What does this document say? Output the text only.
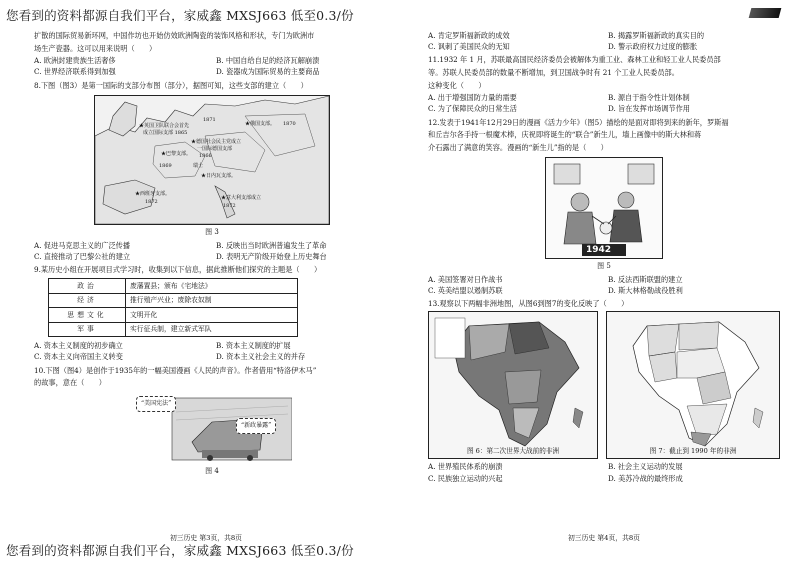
您看到的资料都源自我们平台，家威鑫 MXSJ663 低至0.3/份

扩散的国际贸易新环网，中国作坊也开始仿效欧洲陶瓷的装饰风格和形状，专门为欧洲市

场生产瓷器。这可以用来说明（　　）

A. 欧洲封建贵族生活奢侈	B. 中国自给自足的经济瓦解崩溃
C. 世界经济联系得到加强	D. 瓷器成为国际贸易的主要商品

8.下图（图3）是第一国际的支部分布图（部分），据图可知，这些支部的建立（　　）

★英国卫队联合会首先
成立国际支部 1865
1871
★俄国支部。 1870
★德国社会民主党成立
一国际德国支部
1866
★巴黎支部。
1869	瑞士
★日内瓦支部。
★西班牙支部。
1872
★意大利支部成立
1872
图 3
A. 促进马克思主义的广泛传播	B. 反映出当时欧洲普遍发生了革命
C. 直接推动了巴黎公社的建立	D. 表明无产阶级开始登上历史舞台

9.某历史小组在开展项目式学习时，收集到以下信息，据此推断他们探究的主题是（　　）

政治	废藩置县；颁布《宅地法》
经济	推行殖产兴业；废除农奴制
思想文化	文明开化
军事	实行征兵制，建立新式军队
A. 资本主义制度的初步确立	B. 资本主义制度的扩展
C. 资本主义向帝国主义转变	D. 资本主义社会主义的并存

10.下图（图4）是创作于1935年的一幅美国漫画《人民的声音》。作者借用“特洛伊木马”

的故事，意在（　　）

“美国宪法”
“新政暴露”
图 4
初三历史 第3页，共8页
A. 肯定罗斯福新政的成效	B. 揭露罗斯福新政的真实目的
C. 讽刺了美国民众的无知	D. 警示政府权力过度的膨胀

11.1932 年 1 月，苏联最高国民经济委员会被解体为重工业、森林工业和轻工业人民委员部

等。苏联人民委员部的数量不断增加，到卫国战争时有 21 个工业人民委员部。

这种变化（　　）

A. 出于增强国防力量的需要	B. 源自于指令性计划体制
C. 为了保障民众的日常生活	D. 旨在发挥市场调节作用

12.发表于1941年12月29日的漫画《活力少年》（图5）描绘的是面对即将到来的新年，罗斯福

和丘吉尔各手持一根魔术棒，庆祝即将诞生的“联合”新生儿，墙上画像中的斯大林和蒋

介石露出了满意的笑容。漫画的“新生儿”指的是（　　）

1942
图 5
A. 美国签署对日作战书	B. 反法西斯联盟的建立
C. 英美结盟以遏制苏联	D. 斯大林格勒战役胜利

13.观察以下两幅非洲地图，从图6到图7的变化反映了（　　）

图 6：第二次世界大战前的非洲	图 7：截止到 1990 年的非洲
A. 世界殖民体系的崩溃	B. 社会主义运动的发展
C. 民族独立运动的兴起	D. 美苏冷战的最终形成
初三历史 第4页，共8页
您看到的资料都源自我们平台，家威鑫 MXSJ663 低至0.3/份
